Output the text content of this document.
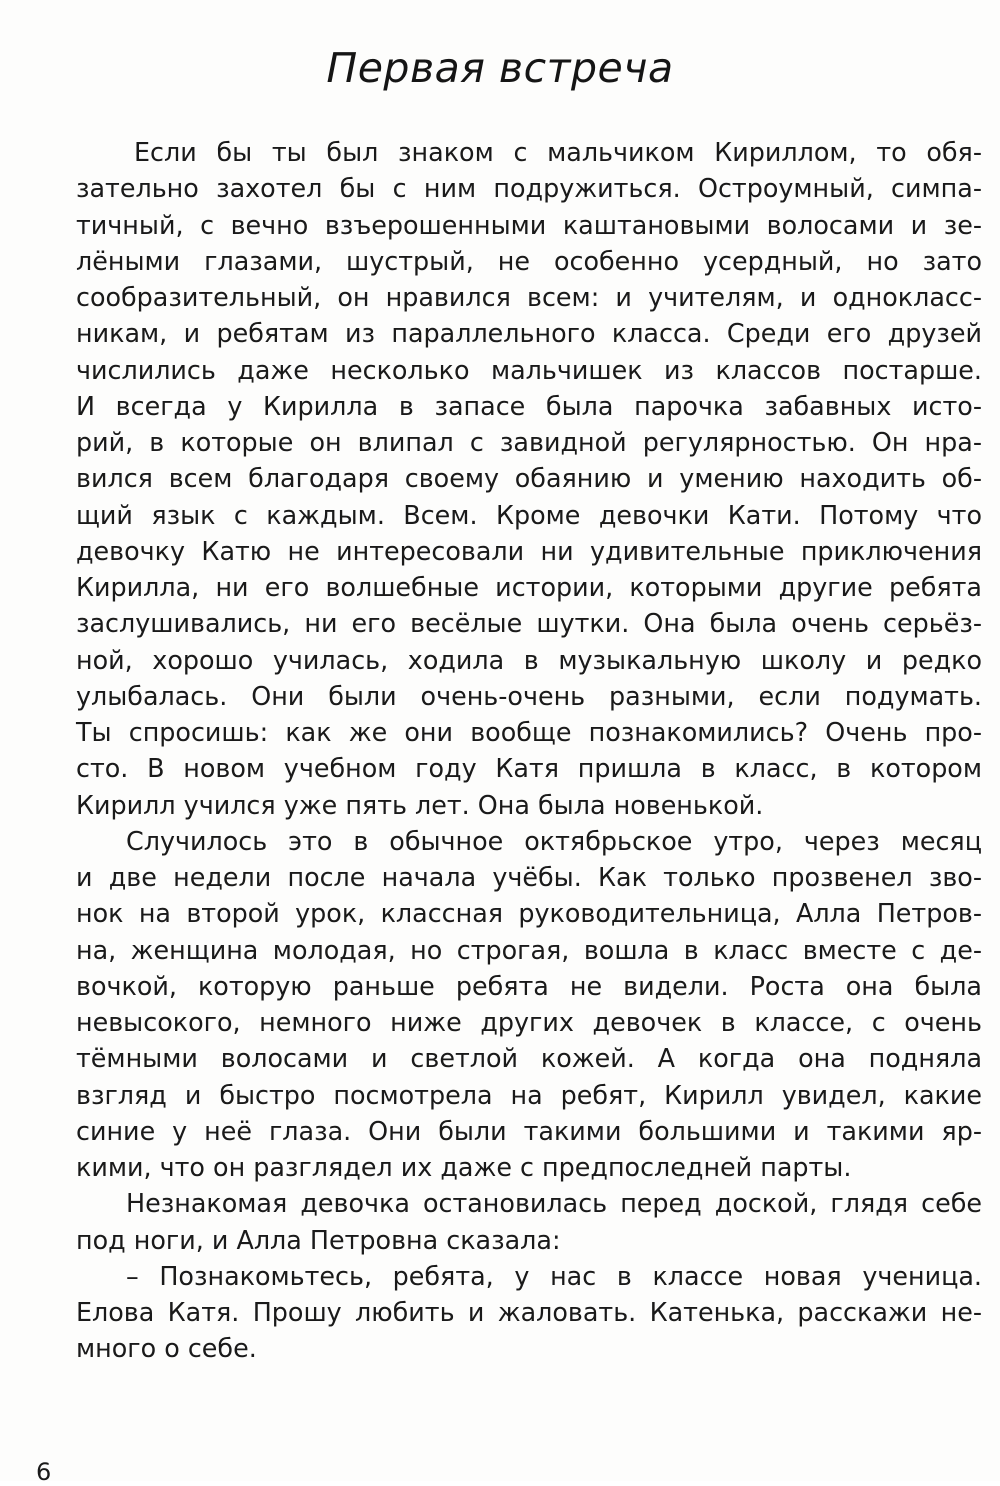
Первая встреча
Если бы ты был знаком с мальчиком Кириллом, то обя-
зательно захотел бы с ним подружиться. Остроумный, симпа-
тичный, с вечно взъерошенными каштановыми волосами и зе-
лёными глазами, шустрый, не особенно усердный, но зато
сообразительный, он нравился всем: и учителям, и однокласс-
никам, и ребятам из параллельного класса. Среди его друзей
числились даже несколько мальчишек из классов постарше.
И всегда у Кирилла в запасе была парочка забавных исто-
рий, в которые он влипал с завидной регулярностью. Он нра-
вился всем благодаря своему обаянию и умению находить об-
щий язык с каждым. Всем. Кроме девочки Кати. Потому что
девочку Катю не интересовали ни удивительные приключения
Кирилла, ни его волшебные истории, которыми другие ребята
заслушивались, ни его весёлые шутки. Она была очень серьёз-
ной, хорошо училась, ходила в музыкальную школу и редко
улыбалась. Они были очень-очень разными, если подумать.
Ты спросишь: как же они вообще познакомились? Очень про-
сто. В новом учебном году Катя пришла в класс, в котором
Кирилл учился уже пять лет. Она была новенькой.
Случилось это в обычное октябрьское утро, через месяц
и две недели после начала учёбы. Как только прозвенел зво-
нок на второй урок, классная руководительница, Алла Петров-
на, женщина молодая, но строгая, вошла в класс вместе с де-
вочкой, которую раньше ребята не видели. Роста она была
невысокого, немного ниже других девочек в классе, с очень
тёмными волосами и светлой кожей. А когда она подняла
взгляд и быстро посмотрела на ребят, Кирилл увидел, какие
синие у неё глаза. Они были такими большими и такими яр-
кими, что он разглядел их даже с предпоследней парты.
Незнакомая девочка остановилась перед доской, глядя себе
под ноги, и Алла Петровна сказала:
– Познакомьтесь, ребята, у нас в классе новая ученица.
Елова Катя. Прошу любить и жаловать. Катенька, расскажи не-
много о себе.
6
